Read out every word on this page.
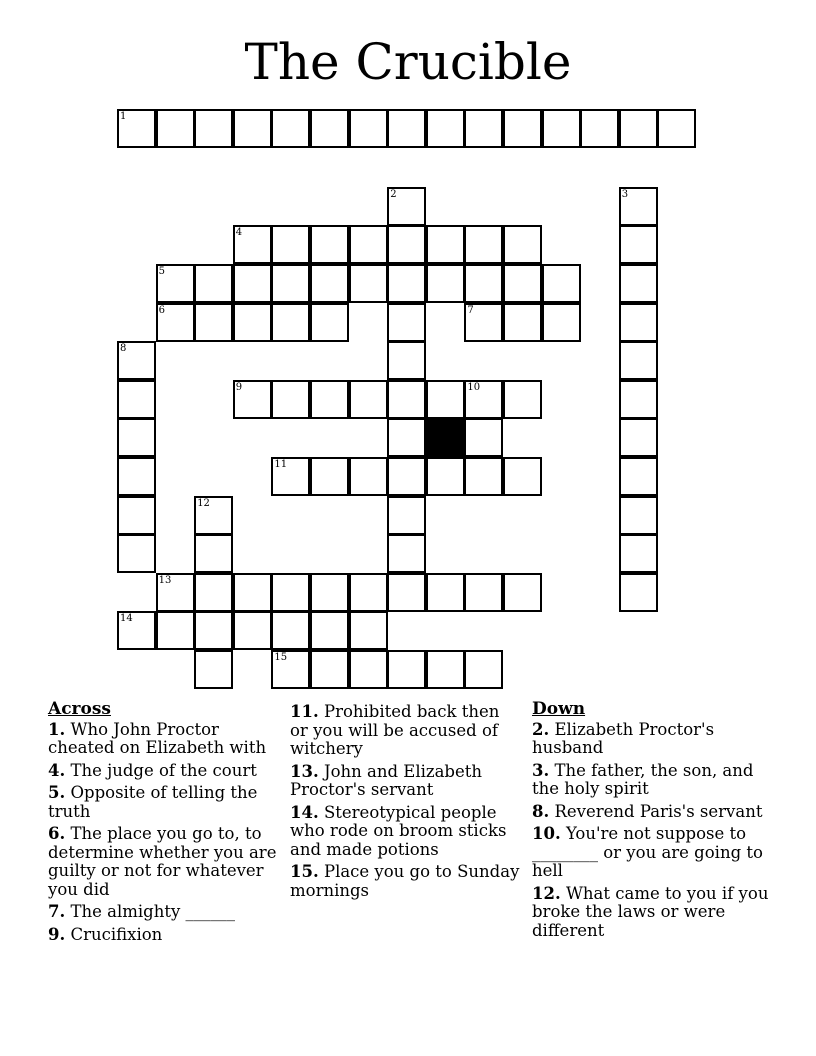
The Crucible
1
3
2
4
5
6	7
8
9	10
11
12
13
14
15
Across
1. Who John Proctor cheated on Elizabeth with
4. The judge of the court
5. Opposite of telling the truth
6. The place you go to, to determine whether you are guilty or not for whatever you did
7. The almighty ______
9. Crucifixion
11. Prohibited back then or you will be accused of witchery
13. John and Elizabeth Proctor's servant
14. Stereotypical people who rode on broom sticks and made potions
15. Place you go to Sunday mornings
Down
2. Elizabeth Proctor's husband
3. The father, the son, and the holy spirit
8. Reverend Paris's servant
10. You're not suppose to ________ or you are going to hell
12. What came to you if you broke the laws or were different
